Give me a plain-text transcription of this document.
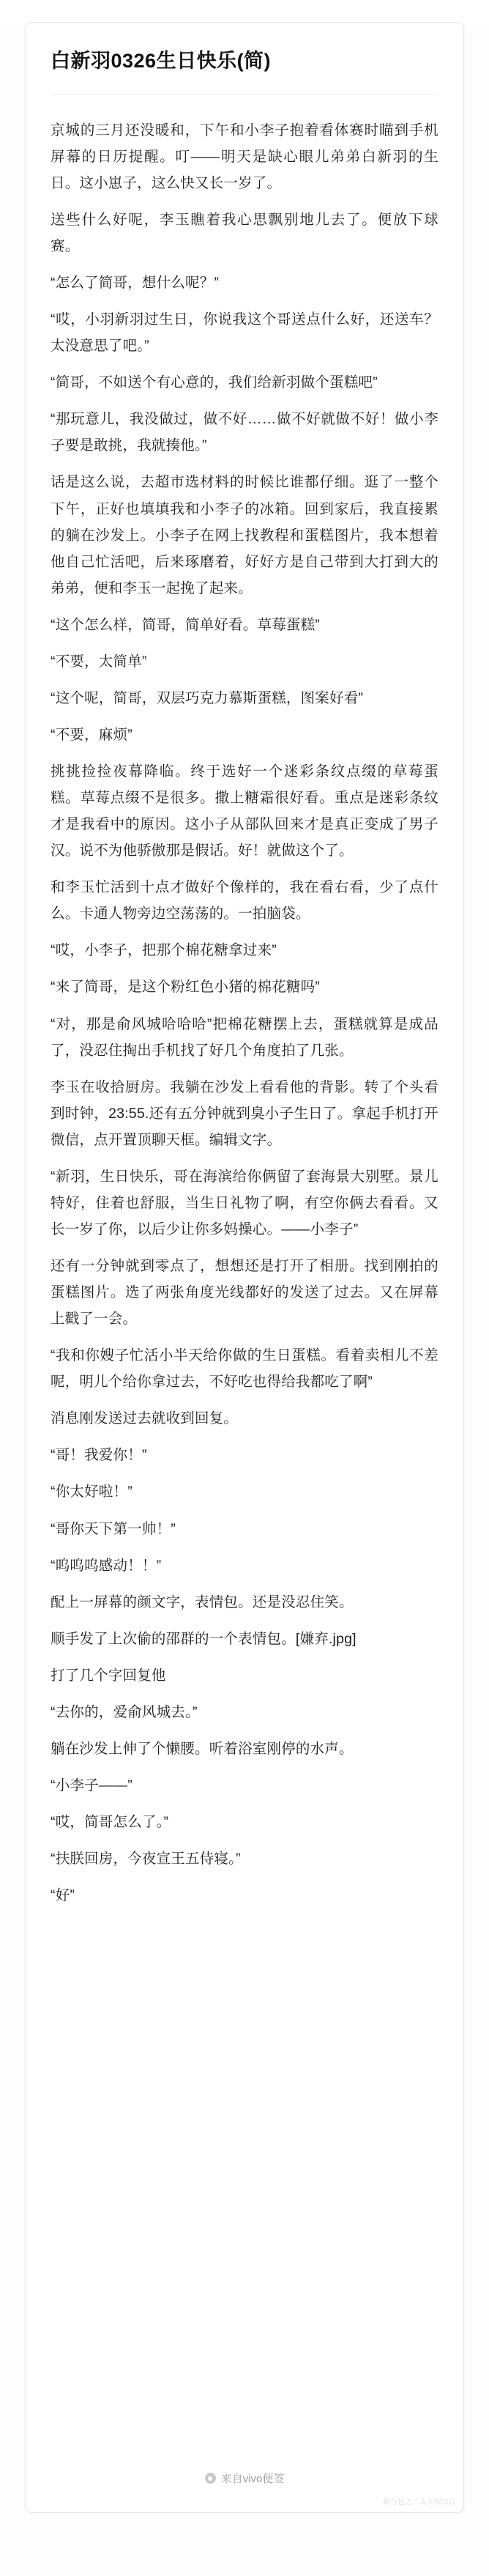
白新羽0326生日快乐(简)

京城的三月还没暖和，下午和小李子抱着看体赛时瞄到手机屏幕的日历提醒。叮——明天是缺心眼儿弟弟白新羽的生日。这小崽子，这么快又长一岁了。

送些什么好呢，李玉瞧着我心思飘别地儿去了。便放下球赛。

“怎么了简哥，想什么呢？”

“哎，小羽新羽过生日，你说我这个哥送点什么好，还送车？太没意思了吧。”

“简哥，不如送个有心意的，我们给新羽做个蛋糕吧”

“那玩意儿，我没做过，做不好……做不好就做不好！做小李子要是敢挑，我就揍他。”

话是这么说，去超市选材料的时候比谁都仔细。逛了一整个下午，正好也填填我和小李子的冰箱。回到家后，我直接累的躺在沙发上。小李子在网上找教程和蛋糕图片，我本想着他自己忙活吧，后来琢磨着，好好方是自己带到大打到大的弟弟，便和李玉一起挽了起来。

“这个怎么样，简哥，简单好看。草莓蛋糕”

“不要，太简单”

“这个呢，简哥，双层巧克力慕斯蛋糕，图案好看”

“不要，麻烦”

挑挑捡捡夜幕降临。终于选好一个迷彩条纹点缀的草莓蛋糕。草莓点缀不是很多。撒上糖霜很好看。重点是迷彩条纹才是我看中的原因。这小子从部队回来才是真正变成了男子汉。说不为他骄傲那是假话。好！就做这个了。

和李玉忙活到十点才做好个像样的，我在看右看，少了点什么。卡通人物旁边空荡荡的。一拍脑袋。

“哎，小李子，把那个棉花糖拿过来”

“来了简哥，是这个粉红色小猪的棉花糖吗”

“对，那是俞风城哈哈哈”把棉花糖摆上去，蛋糕就算是成品了，没忍住掏出手机找了好几个角度拍了几张。

李玉在收拾厨房。我躺在沙发上看看他的背影。转了个头看到时钟，23:55.还有五分钟就到臭小子生日了。拿起手机打开微信，点开置顶聊天框。编辑文字。

“新羽，生日快乐，哥在海滨给你俩留了套海景大别墅。景儿特好，住着也舒服，当生日礼物了啊，有空你俩去看看。又长一岁了你，以后少让你多妈操心。——小李子”

还有一分钟就到零点了，想想还是打开了相册。找到刚拍的蛋糕图片。选了两张角度光线都好的发送了过去。又在屏幕上戳了一会。

“我和你嫂子忙活小半天给你做的生日蛋糕。看着卖相儿不差呢，明儿个给你拿过去，不好吃也得给我都吃了啊”

消息刚发送过去就收到回复。

“哥！我爱你！”

“你太好啦！”

“哥你天下第一帅！”

“呜呜呜感动！！”

配上一屏幕的颜文字，表情包。还是没忍住笑。

顺手发了上次偷的邵群的一个表情包。[嫌弃.jpg]

打了几个字回复他

“去你的，爱俞风城去。”

躺在沙发上伸了个懒腰。听着浴室刚停的水声。

“小李子——”

“哎，简哥怎么了。”

“扶朕回房，今夜宣王五侍寝。”

“好”

来自vivo便签
新与包之二太太似以以
